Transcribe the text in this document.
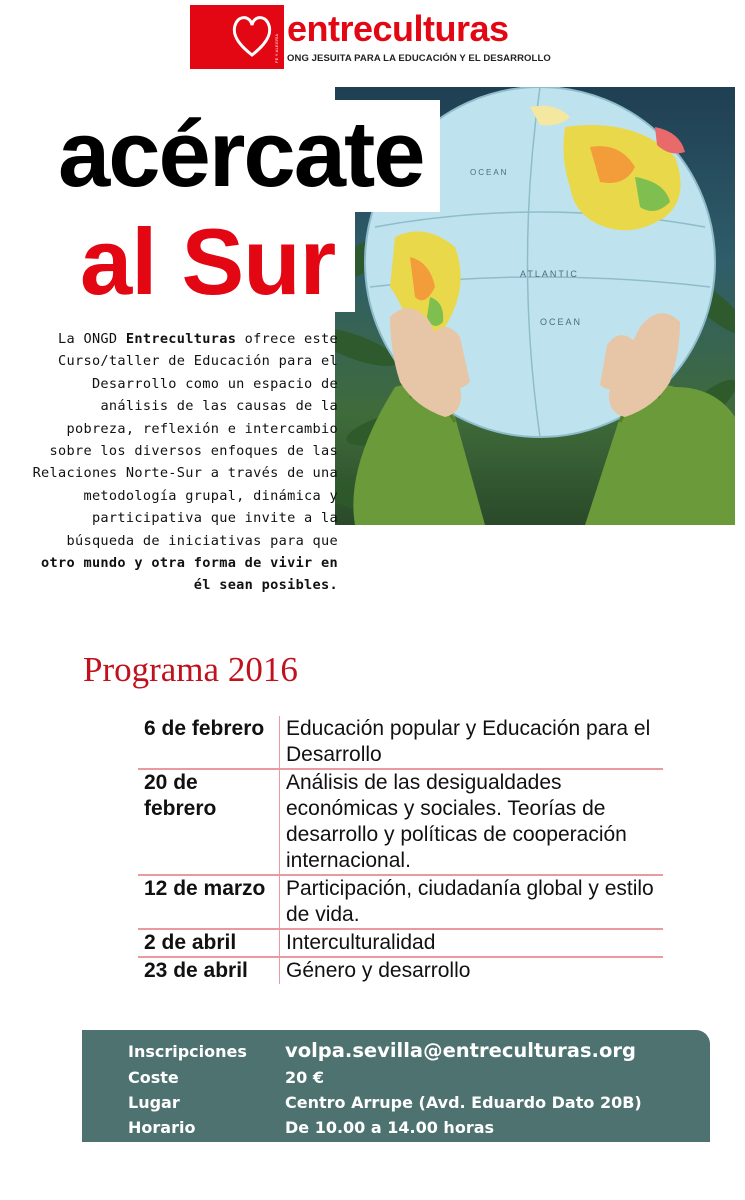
FE Y ALEGRÍA entreculturas
ONG JESUITA PARA LA EDUCACIÓN Y EL DESARROLLO
ATLANTIC
OCEAN
OCEAN
acércate
al Sur
La ONGD Entreculturas ofrece este Curso/taller de Educación para el Desarrollo como un espacio de análisis de las causas de la pobreza, reflexión e intercambio sobre los diversos enfoques de las Relaciones Norte-Sur a través de una metodología grupal, dinámica y participativa que invite a la búsqueda de iniciativas para que otro mundo y otra forma de vivir en él sean posibles.
Programa 2016
6 de febrero	Educación popular y Educación para el Desarrollo
20 de febrero	Análisis de las desigualdades económicas y sociales. Teorías de desarrollo y políticas de cooperación internacional.
12 de marzo	Participación, ciudadanía global y estilo de vida.
2 de abril	Interculturalidad
23 de abril	Género y desarrollo
Inscripciones volpa.sevilla@entreculturas.org
Coste	20 €
Lugar	Centro Arrupe (Avd. Eduardo Dato 20B)
Horario	De 10.00 a 14.00 horas
